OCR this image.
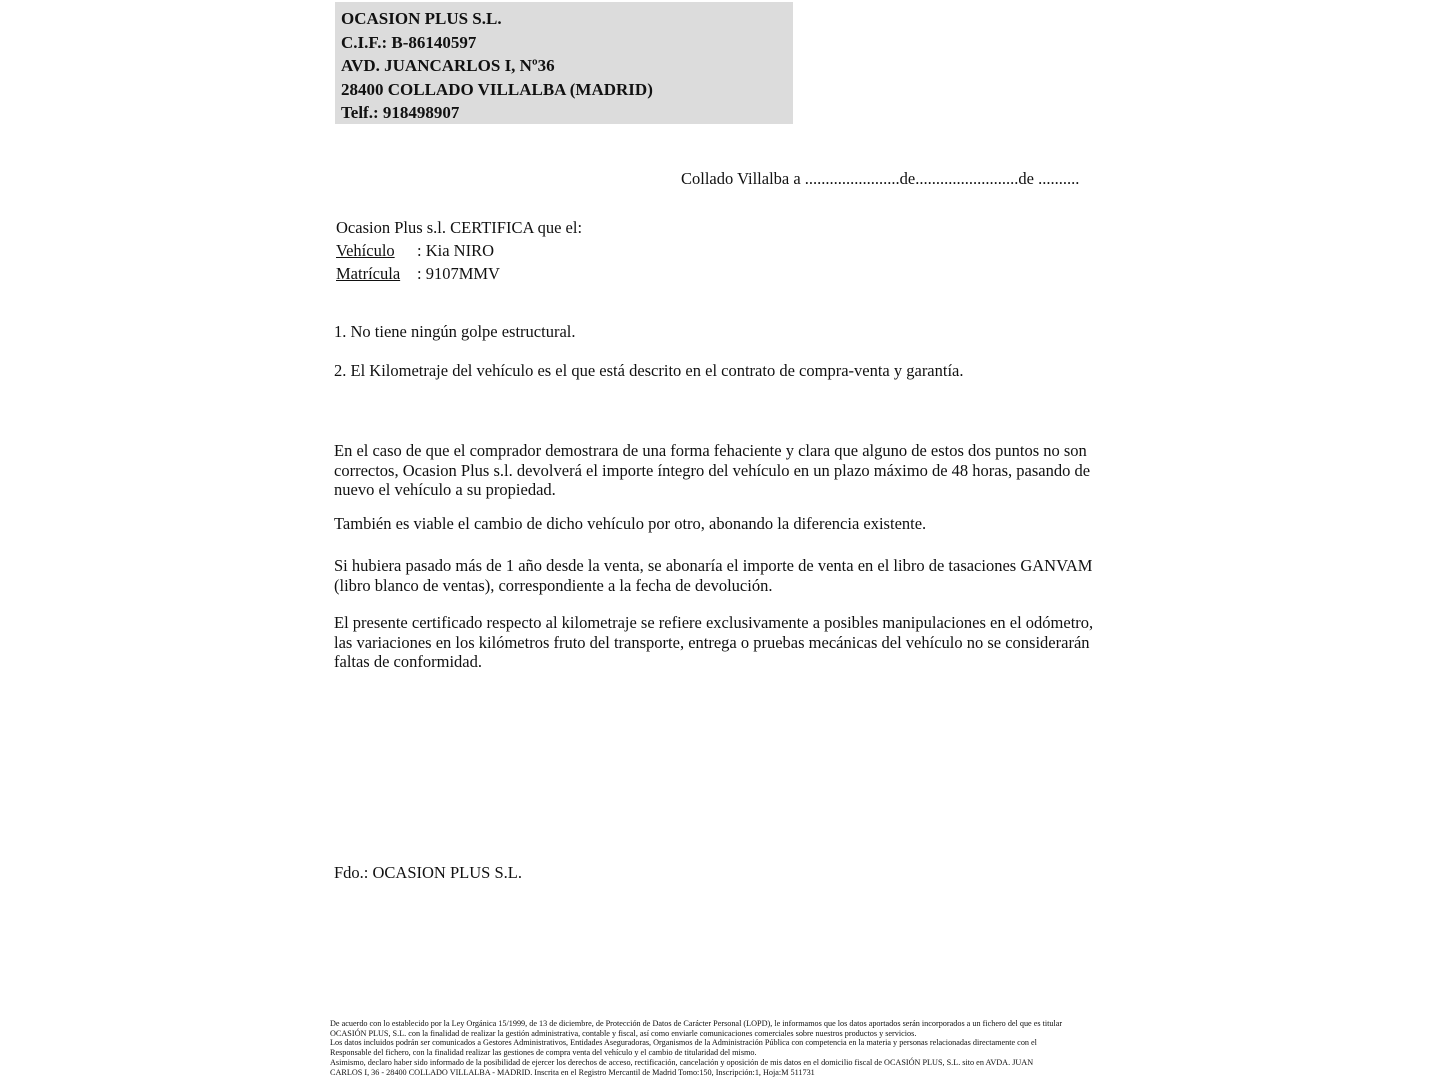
OCASION PLUS S.L.
C.I.F.: B-86140597
AVD. JUANCARLOS I, Nº36
28400 COLLADO VILLALBA (MADRID)
Telf.: 918498907
Collado Villalba a .......................de.........................de ..........
Ocasion Plus s.l. CERTIFICA que el:
Vehículo : Kia NIRO
Matrícula : 9107MMV
1. No tiene ningún golpe estructural.
2. El Kilometraje del vehículo es el que está descrito en el contrato de compra-venta y garantía.
En el caso de que el comprador demostrara de una forma fehaciente y clara que alguno de estos dos puntos no son correctos, Ocasion Plus s.l. devolverá el importe íntegro del vehículo en un plazo máximo de 48 horas, pasando de nuevo el vehículo a su propiedad.
También es viable el cambio de dicho vehículo por otro, abonando la diferencia existente.
Si hubiera pasado más de 1 año desde la venta, se abonaría el importe de venta en el libro de tasaciones GANVAM (libro blanco de ventas), correspondiente a la fecha de devolución.
El presente certificado respecto al kilometraje se refiere exclusivamente a posibles manipulaciones en el odómetro, las variaciones en los kilómetros fruto del transporte, entrega o pruebas mecánicas del vehículo no se considerarán faltas de conformidad.
Fdo.: OCASION PLUS S.L.
De acuerdo con lo establecido por la Ley Orgánica 15/1999, de 13 de diciembre, de Protección de Datos de Carácter Personal (LOPD), le informamos que los datos aportados serán incorporados a un fichero del que es titular
OCASIÓN PLUS, S.L. con la finalidad de realizar la gestión administrativa, contable y fiscal, así como enviarle comunicaciones comerciales sobre nuestros productos y servicios.
Los datos incluidos podrán ser comunicados a Gestores Administrativos, Entidades Aseguradoras, Organismos de la Administración Pública con competencia en la materia y personas relacionadas directamente con el
Responsable del fichero, con la finalidad realizar las gestiones de compra venta del vehículo y el cambio de titularidad del mismo.
Asimismo, declaro haber sido informado de la posibilidad de ejercer los derechos de acceso, rectificación, cancelación y oposición de mis datos en el domicilio fiscal de OCASIÓN PLUS, S.L. sito en AVDA. JUAN
CARLOS I, 36 - 28400 COLLADO VILLALBA - MADRID. Inscrita en el Registro Mercantil de Madrid Tomo:150, Inscripción:1, Hoja:M 511731
